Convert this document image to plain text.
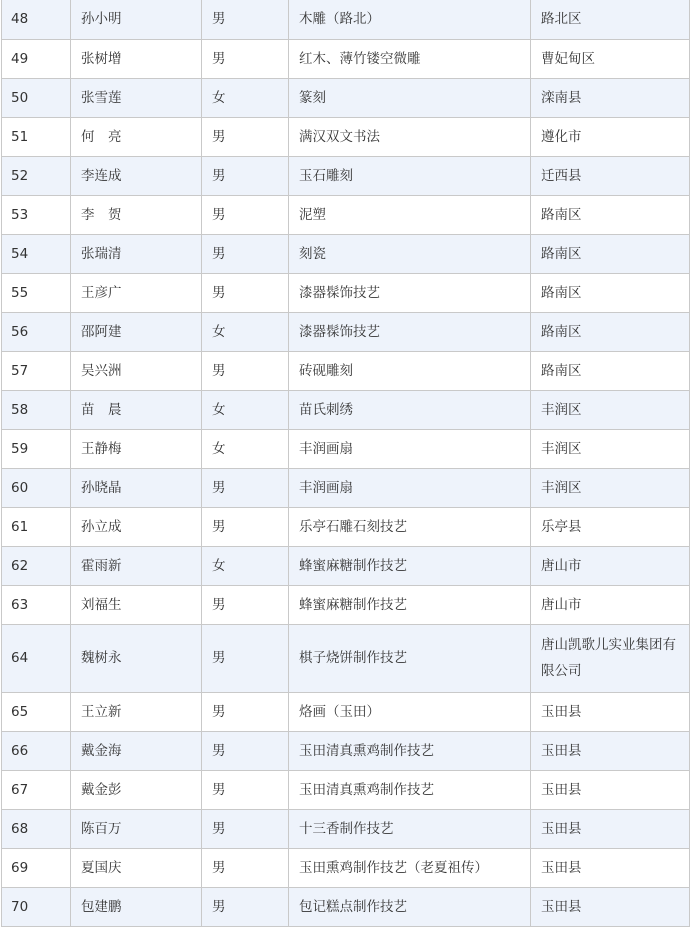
48	孙小明	男	木雕（路北）	路北区
49	张树增	男	红木、薄竹镂空微雕	曹妃甸区
50	张雪莲	女	篆刻	滦南县
51	何　亮	男	满汉双文书法	遵化市
52	李连成	男	玉石雕刻	迁西县
53	李　贺	男	泥塑	路南区
54	张瑞清	男	刻瓷	路南区
55	王彦广	男	漆器髹饰技艺	路南区
56	邵阿建	女	漆器髹饰技艺	路南区
57	吴兴洲	男	砖砚雕刻	路南区
58	苗　晨	女	苗氏刺绣	丰润区
59	王静梅	女	丰润画扇	丰润区
60	孙晓晶	男	丰润画扇	丰润区
61	孙立成	男	乐亭石雕石刻技艺	乐亭县
62	霍雨新	女	蜂蜜麻糖制作技艺	唐山市
63	刘福生	男	蜂蜜麻糖制作技艺	唐山市
64	魏树永	男	棋子烧饼制作技艺	唐山凯歌儿实业集团有限公司
65	王立新	男	烙画（玉田）	玉田县
66	戴金海	男	玉田清真熏鸡制作技艺	玉田县
67	戴金彭	男	玉田清真熏鸡制作技艺	玉田县
68	陈百万	男	十三香制作技艺	玉田县
69	夏国庆	男	玉田熏鸡制作技艺（老夏祖传）	玉田县
70	包建鹏	男	包记糕点制作技艺	玉田县
